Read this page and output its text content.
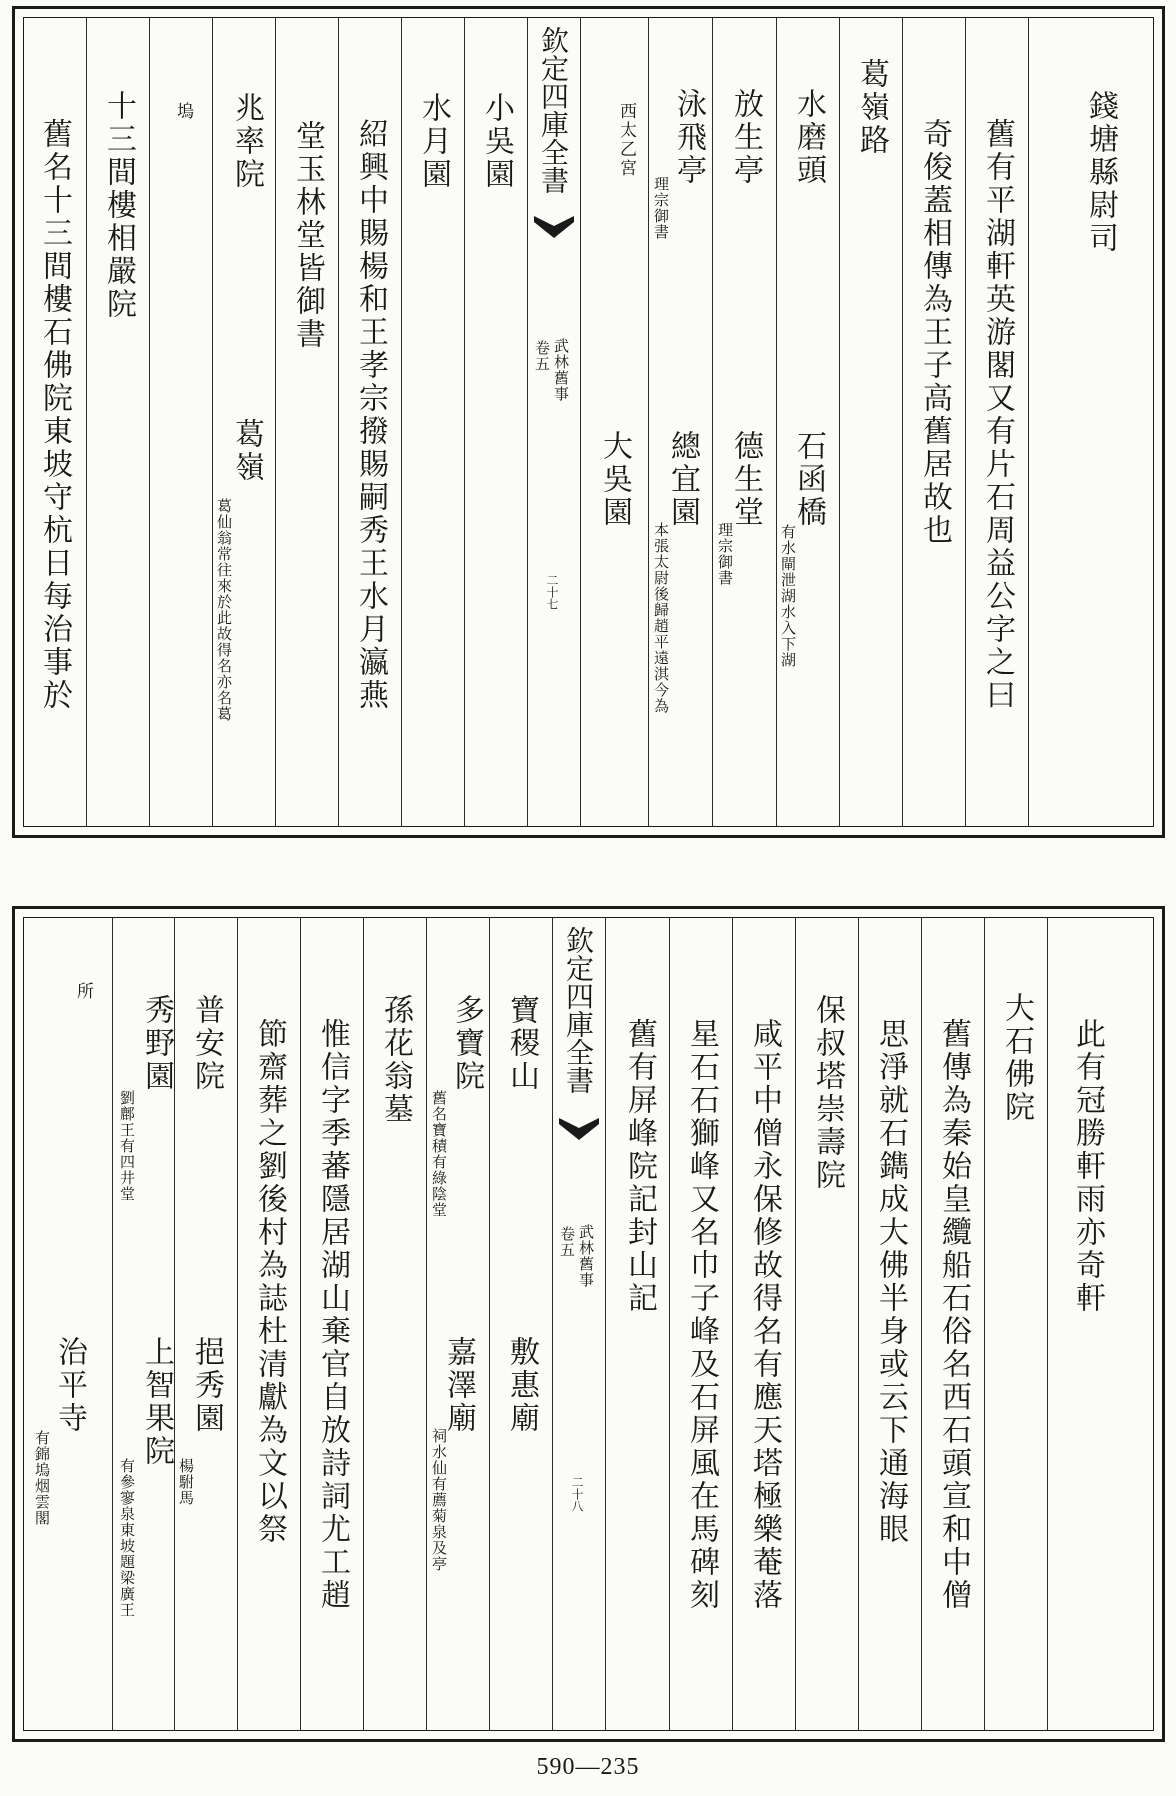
舊名十三間樓石佛院東坡守杭日每治事於 十三間樓相嚴院 塢 兆率院
葛嶺
葛仙翁常往來於此故得名亦名葛
堂玉林堂皆御書 紹興中賜楊和王孝宗撥賜嗣秀王水月瀛燕 水月園 小吳園 欽定四庫全書
武林舊事
卷五
二十七
西太乙宮
大吳園
泳飛亭
理宗御書
總宜園
本張太尉後歸趙平遠淇今為
放生亭
德生堂
理宗御書
水磨頭
石函橋
有水閘泄湖水入下湖
葛嶺路
奇俊蓋相傳為王子高舊居故也 舊有平湖軒英游閣又有片石周益公字之曰 錢塘縣尉司
所
治平寺
有錦塢烟雲閣
秀野園
劉鄜王有四井堂
上智果院
有參寥泉東坡題梁廣王
普安院
挹秀園
楊駙馬 節齋葬之劉後村為誌杜清獻為文以祭 惟信字季蕃隱居湖山棄官自放詩詞尤工趙 孫花翁墓 多寶院
舊名寶積有綠陰堂
嘉澤廟
祠水仙有薦菊泉及亭
寶稷山
敷惠廟
欽定四庫全書
武林舊事
卷五
二十八
舊有屏峰院記封山記 星石石獅峰又名巾子峰及石屏風在馬碑刻 咸平中僧永保修故得名有應天塔極樂菴落 保叔塔崇壽院 思淨就石鐫成大佛半身或云下通海眼 舊傳為秦始皇纜船石俗名西石頭宣和中僧 大石佛院 此有冠勝軒雨亦奇軒
590—235
